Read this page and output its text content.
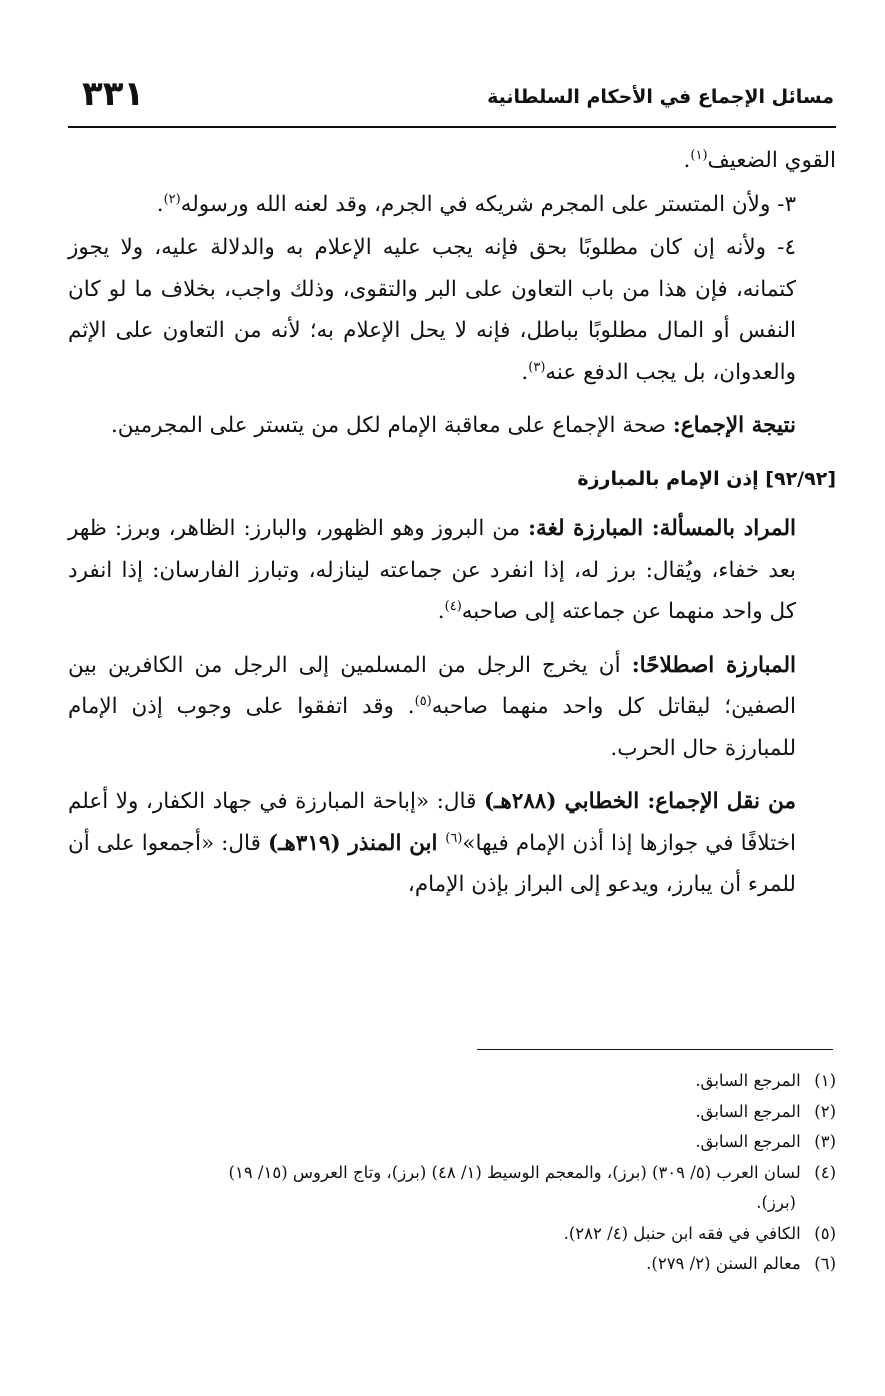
٣٣١	مسائل الإجماع في الأحكام السلطانية

القوي الضعيف$^{(١)}$.

٣- ولأن المتستر على المجرم شريكه في الجرم، وقد لعنه الله ورسوله$^{(٢)}$.

٤- ولأنه إن كان مطلوبًا بحق فإنه يجب عليه الإعلام به والدلالة عليه، ولا يجوز كتمانه، فإن هذا من باب التعاون على البر والتقوى، وذلك واجب، بخلاف ما لو كان النفس أو المال مطلوبًا بباطل، فإنه لا يحل الإعلام به؛ لأنه من التعاون على الإثم والعدوان، بل يجب الدفع عنه$^{(٣)}$.

نتيجة الإجماع: صحة الإجماع على معاقبة الإمام لكل من يتستر على المجرمين.

[٩٢/٩٢] إذن الإمام بالمبارزة

المراد بالمسألة: المبارزة لغة: من البروز وهو الظهور، والبارز: الظاهر، وبرز: ظهر بعد خفاء، ويُقال: برز له، إذا انفرد عن جماعته لينازله، وتبارز الفارسان: إذا انفرد كل واحد منهما عن جماعته إلى صاحبه$^{(٤)}$.

المبارزة اصطلاحًا: أن يخرج الرجل من المسلمين إلى الرجل من الكافرين بين الصفين؛ ليقاتل كل واحد منهما صاحبه$^{(٥)}$. وقد اتفقوا على وجوب إذن الإمام للمبارزة حال الحرب.

من نقل الإجماع: الخطابي (٢٨٨هـ) قال: «إباحة المبارزة في جهاد الكفار، ولا أعلم اختلافًا في جوازها إذا أذن الإمام فيها»$^{(٦)}$ ابن المنذر (٣١٩هـ) قال: «أجمعوا على أن للمرء أن يبارز، ويدعو إلى البراز بإذن الإمام،

(١) المرجع السابق.

(٢) المرجع السابق.

(٣) المرجع السابق.

(٤) لسان العرب (٥/ ٣٠٩) (برز)، والمعجم الوسيط (١/ ٤٨) (برز)، وتاج العروس (١٥/ ١٩)
(برز).

(٥) الكافي في فقه ابن حنبل (٤/ ٢٨٢).

(٦) معالم السنن (٢/ ٢٧٩).
